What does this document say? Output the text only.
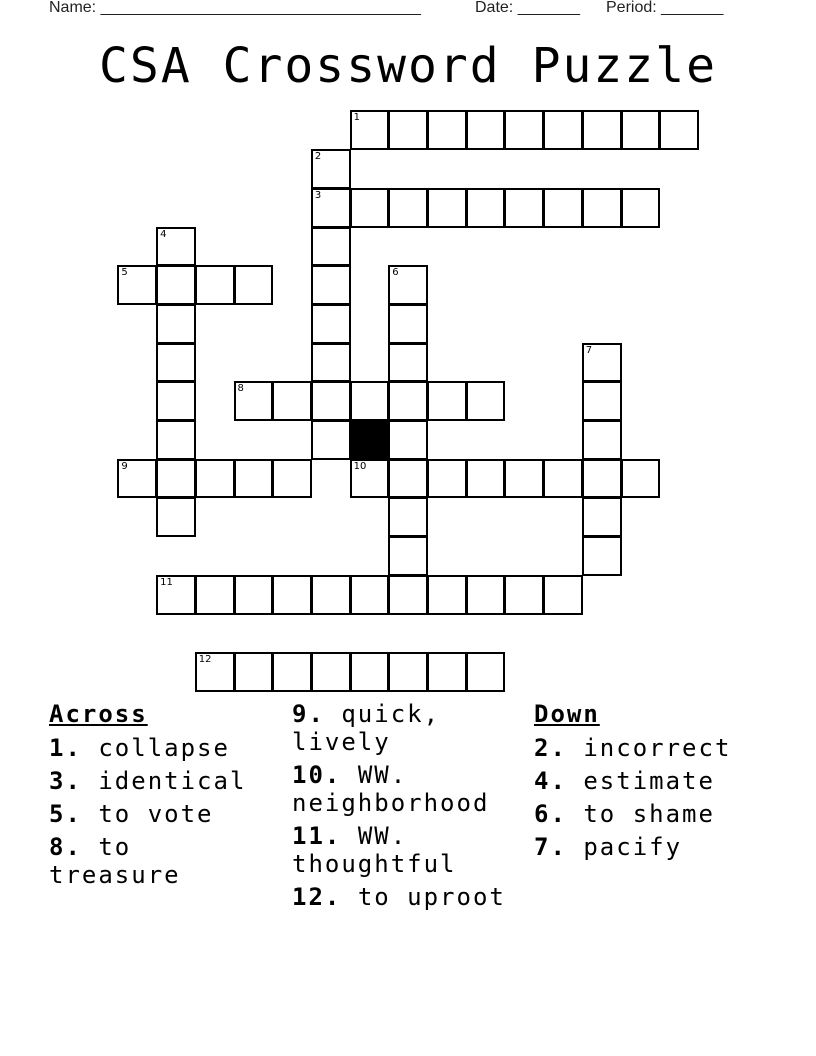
Name: ____________________________________

	Date: _______

Period: _______

CSA Crossword Puzzle
1
2
3
4
5	6
7
8
9	10
11
12
Across
1. collapse
3. identical
5. to vote
8. to treasure
9. quick, lively
10. WW. neighborhood
11. WW. thoughtful
12. to uproot
Down
2. incorrect
4. estimate
6. to shame
7. pacify
